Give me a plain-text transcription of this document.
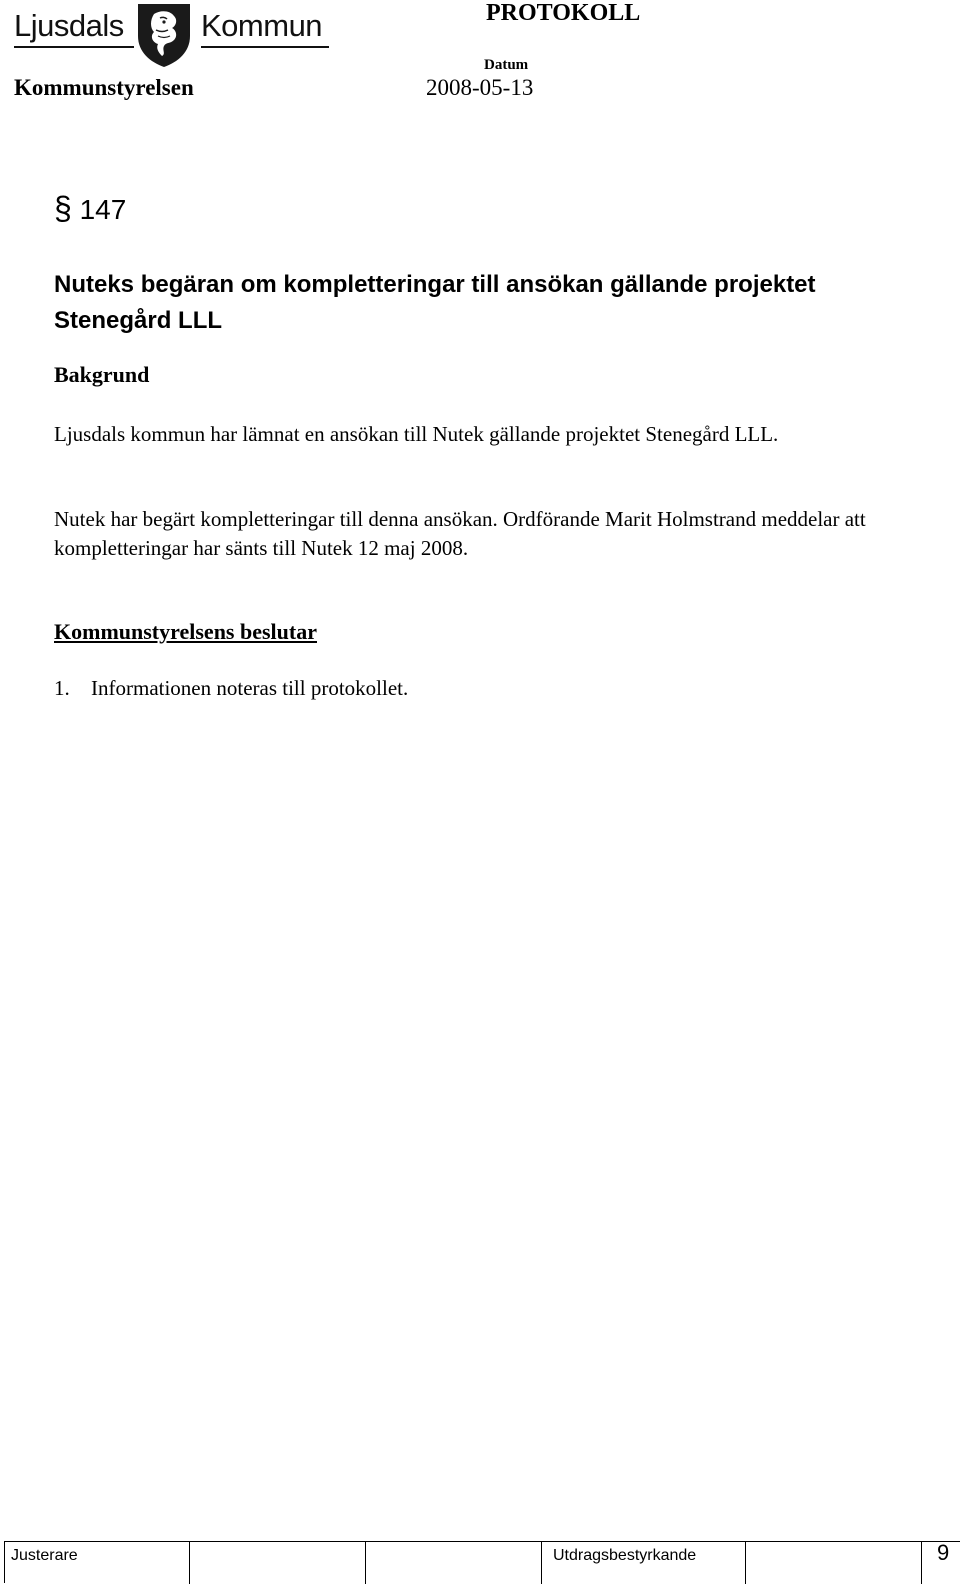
Ljusdals Kommun	PROTOKOLL
Datum
2008-05-13
Kommunstyrelsen
§ 147
Nuteks begäran om kompletteringar till ansökan gällande projektet Stenegård LLL
Bakgrund
Ljusdals kommun har lämnat en ansökan till Nutek gällande projektet Stenegård LLL.
Nutek har begärt kompletteringar till denna ansökan. Ordförande Marit Holmstrand meddelar att kompletteringar har sänts till Nutek 12 maj 2008.
Kommunstyrelsens beslutar
1. Informationen noteras till protokollet.
Justerare	Utdragsbestyrkande	9
